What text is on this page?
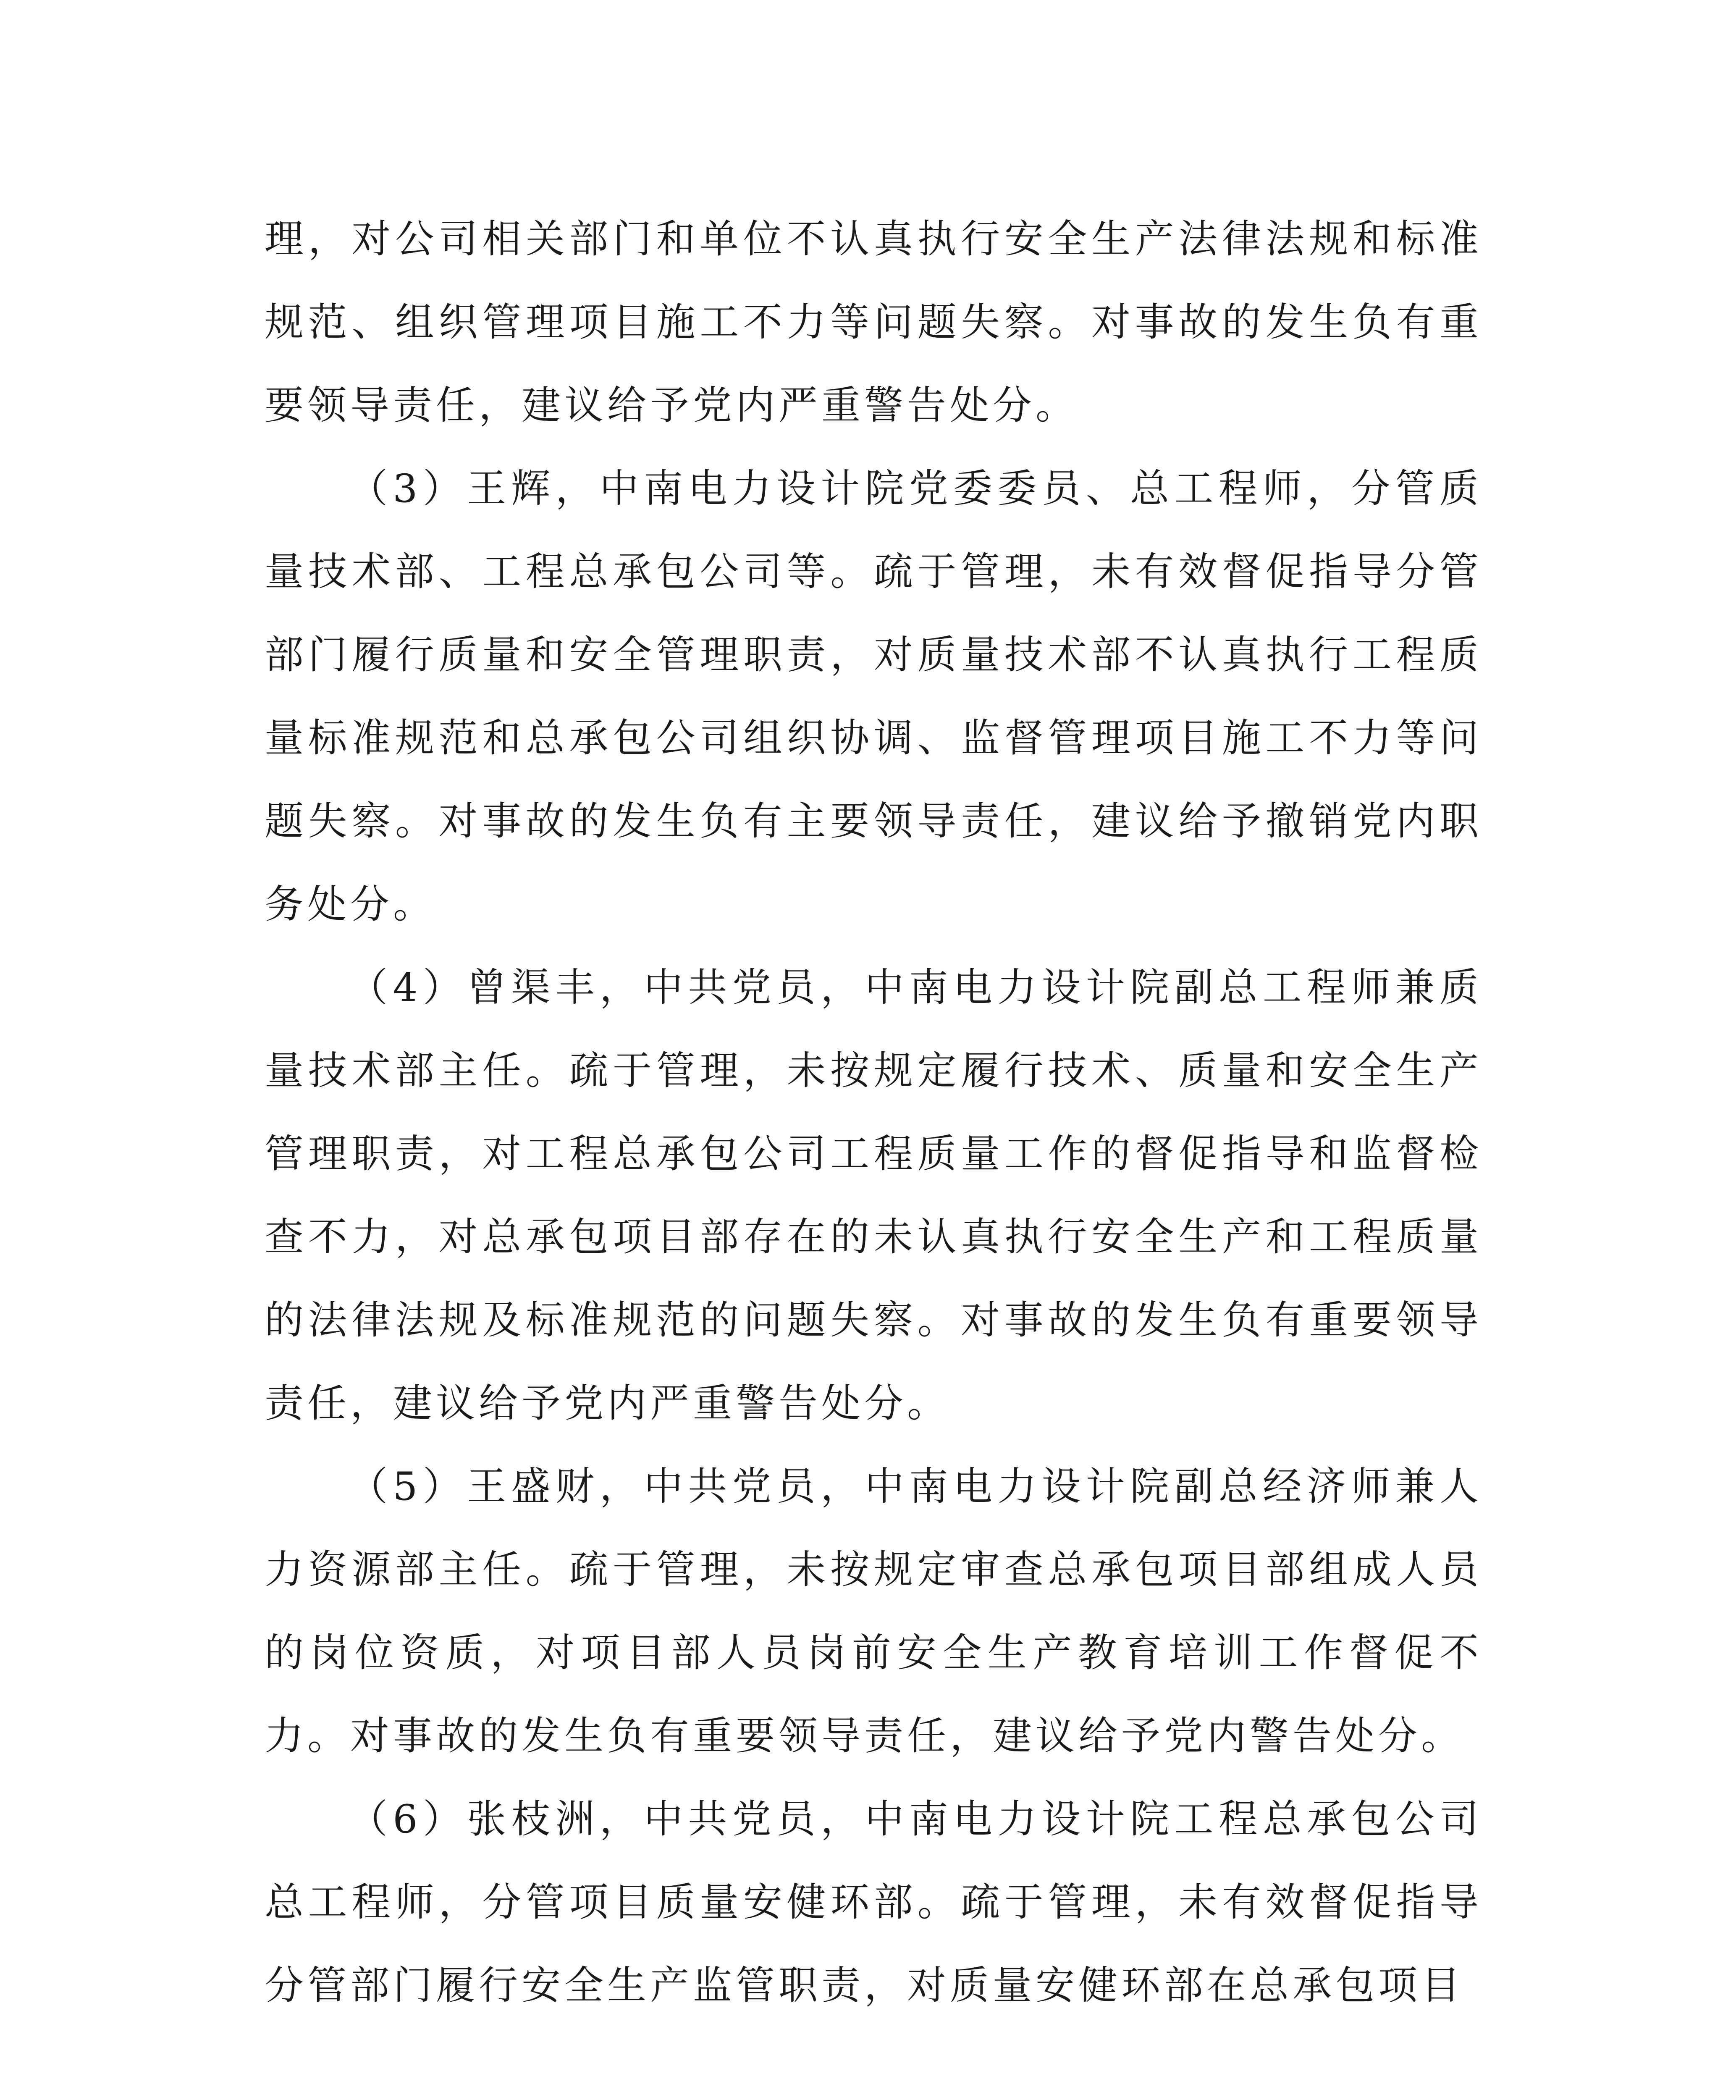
理，对公司相关部门和单位不认真执行安全生产法律法规和标准规范、组织管理项目施工不力等问题失察。对事故的发生负有重要领导责任，建议给予党内严重警告处分。

（3）王辉，中南电力设计院党委委员、总工程师，分管质量技术部、工程总承包公司等。疏于管理，未有效督促指导分管部门履行质量和安全管理职责，对质量技术部不认真执行工程质量标准规范和总承包公司组织协调、监督管理项目施工不力等问题失察。对事故的发生负有主要领导责任，建议给予撤销党内职务处分。

（4）曾渠丰，中共党员，中南电力设计院副总工程师兼质量技术部主任。疏于管理，未按规定履行技术、质量和安全生产管理职责，对工程总承包公司工程质量工作的督促指导和监督检查不力，对总承包项目部存在的未认真执行安全生产和工程质量的法律法规及标准规范的问题失察。对事故的发生负有重要领导责任，建议给予党内严重警告处分。

（5）王盛财，中共党员，中南电力设计院副总经济师兼人力资源部主任。疏于管理，未按规定审查总承包项目部组成人员的岗位资质，对项目部人员岗前安全生产教育培训工作督促不力。对事故的发生负有重要领导责任，建议给予党内警告处分。

（6）张枝洲，中共党员，中南电力设计院工程总承包公司总工程师，分管项目质量安健环部。疏于管理，未有效督促指导分管部门履行安全生产监管职责，对质量安健环部在总承包项目
